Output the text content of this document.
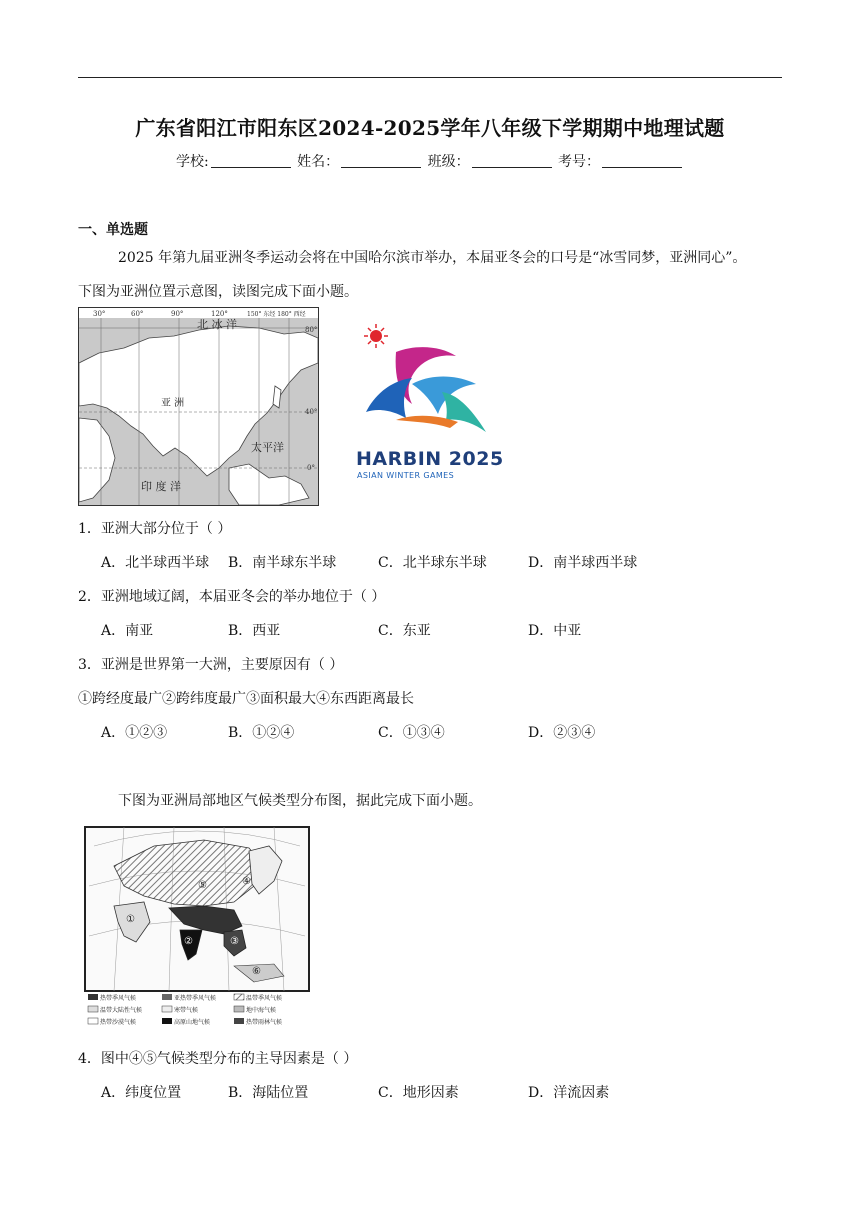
广东省阳江市阳东区2024-2025学年八年级下学期期中地理试题
学校:	姓名：	班级：	考号：
一、单选题
2025 年第九届亚洲冬季运动会将在中国哈尔滨市举办，本届亚冬会的口号是“冰雪同梦，亚洲同心”。
下图为亚洲位置示意图，读图完成下面小题。
30°	60°	90°	120°	150° 东经 180° 西经
80°
40°
0°
北 冰 洋
亚 洲
太平洋
印 度 洋
HARBIN 2025
ASIAN WINTER GAMES
1．亚洲大部分位于（ ）
A．北半球西半球 B．南半球东半球	C．北半球东半球	D．南半球西半球
2．亚洲地域辽阔，本届亚冬会的举办地位于（ ）
A．南亚	B．西亚	C．东亚	D．中亚
3．亚洲是世界第一大洲，主要原因有（ ）
①跨经度最广②跨纬度最广③面积最大④东西距离最长
A．①②③	B．①②④	C．①③④	D．②③④
下图为亚洲局部地区气候类型分布图，据此完成下面小题。
①
②	③
④
⑤
⑥
热带季风气候	亚热带季风气候	温带季风气候
温带大陆性气候	寒带气候	地中海气候
热带沙漠气候	高原山地气候	热带雨林气候
4．图中④⑤气候类型分布的主导因素是（ ）
A．纬度位置	B．海陆位置	C．地形因素	D．洋流因素
